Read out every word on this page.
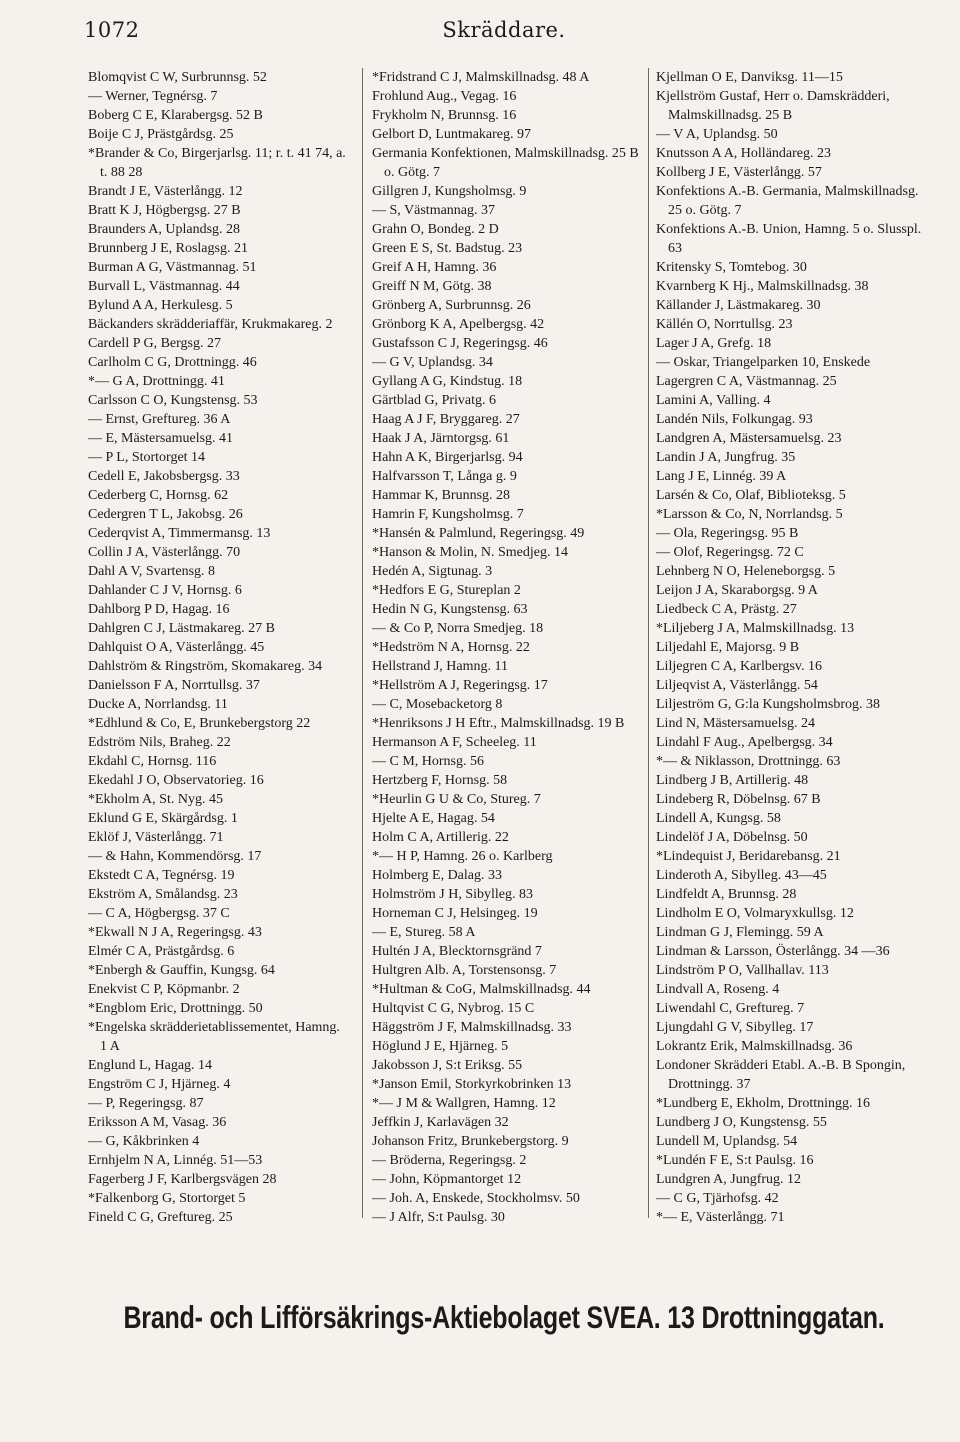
1072	Skräddare.

Blomqvist C W, Surbrunnsg. 52

— Werner, Tegnérsg. 7

Boberg C E, Klarabergsg. 52 B

Boije C J, Prästgårdsg. 25

*Brander & Co, Birgerjarlsg. 11; r. t. 41 74, a. t. 88 28

Brandt J E, Västerlångg. 12

Bratt K J, Högbergsg. 27 B

Braunders A, Uplandsg. 28

Brunnberg J E, Roslagsg. 21

Burman A G, Västmannag. 51

Burvall L, Västmannag. 44

Bylund A A, Herkulesg. 5

Bäckanders skrädderiaffär, Krukmakareg. 2

Cardell P G, Bergsg. 27

Carlholm C G, Drottningg. 46

*— G A, Drottningg. 41

Carlsson C O, Kungstensg. 53

— Ernst, Greftureg. 36 A

— E, Mästersamuelsg. 41

— P L, Stortorget 14

Cedell E, Jakobsbergsg. 33

Cederberg C, Hornsg. 62

Cedergren T L, Jakobsg. 26

Cederqvist A, Timmermansg. 13

Collin J A, Västerlångg. 70

Dahl A V, Svartensg. 8

Dahlander C J V, Hornsg. 6

Dahlborg P D, Hagag. 16

Dahlgren C J, Lästmakareg. 27 B

Dahlquist O A, Västerlångg. 45

Dahlström & Ringström, Skomakareg. 34

Danielsson F A, Norrtullsg. 37

Ducke A, Norrlandsg. 11

*Edhlund & Co, E, Brunkebergstorg 22

Edström Nils, Braheg. 22

Ekdahl C, Hornsg. 116

Ekedahl J O, Observatorieg. 16

*Ekholm A, St. Nyg. 45

Eklund G E, Skärgårdsg. 1

Eklöf J, Västerlångg. 71

— & Hahn, Kommendörsg. 17

Ekstedt C A, Tegnérsg. 19

Ekström A, Smålandsg. 23

— C A, Högbergsg. 37 C

*Ekwall N J A, Regeringsg. 43

Elmér C A, Prästgårdsg. 6

*Enbergh & Gauffin, Kungsg. 64

Enekvist C P, Köpmanbr. 2

*Engblom Eric, Drottningg. 50

*Engelska skrädderietablissementet, Hamng. 1 A

Englund L, Hagag. 14

Engström C J, Hjärneg. 4

— P, Regeringsg. 87

Eriksson A M, Vasag. 36

— G, Kåkbrinken 4

Ernhjelm N A, Linnég. 51—53

Fagerberg J F, Karlbergsvägen 28

*Falkenborg G, Stortorget 5

Fineld C G, Greftureg. 25

*Fridstrand C J, Malmskillnadsg. 48 A

Frohlund Aug., Vegag. 16

Frykholm N, Brunnsg. 16

Gelbort D, Luntmakareg. 97

Germania Konfektionen, Malmskillnadsg. 25 B o. Götg. 7

Gillgren J, Kungsholmsg. 9

— S, Västmannag. 37

Grahn O, Bondeg. 2 D

Green E S, St. Badstug. 23

Greif A H, Hamng. 36

Greiff N M, Götg. 38

Grönberg A, Surbrunnsg. 26

Grönborg K A, Apelbergsg. 42

Gustafsson C J, Regeringsg. 46

— G V, Uplandsg. 34

Gyllang A G, Kindstug. 18

Gärtblad G, Privatg. 6

Haag A J F, Bryggareg. 27

Haak J A, Järntorgsg. 61

Hahn A K, Birgerjarlsg. 94

Halfvarsson T, Långa g. 9

Hammar K, Brunnsg. 28

Hamrin F, Kungsholmsg. 7

*Hansén & Palmlund, Regeringsg. 49

*Hanson & Molin, N. Smedjeg. 14

Hedén A, Sigtunag. 3

*Hedfors E G, Stureplan 2

Hedin N G, Kungstensg. 63

— & Co P, Norra Smedjeg. 18

*Hedström N A, Hornsg. 22

Hellstrand J, Hamng. 11

*Hellström A J, Regeringsg. 17

— C, Mosebacketorg 8

*Henriksons J H Eftr., Malmskillnadsg. 19 B

Hermanson A F, Scheeleg. 11

— C M, Hornsg. 56

Hertzberg F, Hornsg. 58

*Heurlin G U & Co, Stureg. 7

Hjelte A E, Hagag. 54

Holm C A, Artillerig. 22

*— H P, Hamng. 26 o. Karlberg

Holmberg E, Dalag. 33

Holmström J H, Sibylleg. 83

Horneman C J, Helsingeg. 19

— E, Stureg. 58 A

Hultén J A, Blecktornsgränd 7

Hultgren Alb. A, Torstensonsg. 7

*Hultman & CoG, Malmskillnadsg. 44

Hultqvist C G, Nybrog. 15 C

Häggström J F, Malmskillnadsg. 33

Höglund J E, Hjärneg. 5

Jakobsson J, S:t Eriksg. 55

*Janson Emil, Storkyrkobrinken 13

*— J M & Wallgren, Hamng. 12

Jeffkin J, Karlavägen 32

Johanson Fritz, Brunkebergstorg. 9

— Bröderna, Regeringsg. 2

— John, Köpmantorget 12

— Joh. A, Enskede, Stockholmsv. 50

— J Alfr, S:t Paulsg. 30

Kjellman O E, Danviksg. 11—15

Kjellström Gustaf, Herr o. Damskrädderi, Malmskillnadsg. 25 B

— V A, Uplandsg. 50

Knutsson A A, Holländareg. 23

Kollberg J E, Västerlångg. 57

Konfektions A.-B. Germania, Malmskillnadsg. 25 o. Götg. 7

Konfektions A.-B. Union, Hamng. 5 o. Slusspl. 63

Kritensky S, Tomtebog. 30

Kvarnberg K Hj., Malmskillnadsg. 38

Källander J, Lästmakareg. 30

Källén O, Norrtullsg. 23

Lager J A, Grefg. 18

— Oskar, Triangelparken 10, Enskede

Lagergren C A, Västmannag. 25

Lamini A, Valling. 4

Landén Nils, Folkungag. 93

Landgren A, Mästersamuelsg. 23

Landin J A, Jungfrug. 35

Lang J E, Linnég. 39 A

Larsén & Co, Olaf, Biblioteksg. 5

*Larsson & Co, N, Norrlandsg. 5

— Ola, Regeringsg. 95 B

— Olof, Regeringsg. 72 C

Lehnberg N O, Heleneborgsg. 5

Leijon J A, Skaraborgsg. 9 A

Liedbeck C A, Prästg. 27

*Liljeberg J A, Malmskillnadsg. 13

Liljedahl E, Majorsg. 9 B

Liljegren C A, Karlbergsv. 16

Liljeqvist A, Västerlångg. 54

Liljeström G, G:la Kungsholmsbrog. 38

Lind N, Mästersamuelsg. 24

Lindahl F Aug., Apelbergsg. 34

*— & Niklasson, Drottningg. 63

Lindberg J B, Artillerig. 48

Lindeberg R, Döbelnsg. 67 B

Lindell A, Kungsg. 58

Lindelöf J A, Döbelnsg. 50

*Lindequist J, Beridarebansg. 21

Linderoth A, Sibylleg. 43—45

Lindfeldt A, Brunnsg. 28

Lindholm E O, Volmaryxkullsg. 12

Lindman G J, Flemingg. 59 A

Lindman & Larsson, Österlångg. 34 —36

Lindström P O, Vallhallav. 113

Lindvall A, Roseng. 4

Liwendahl C, Greftureg. 7

Ljungdahl G V, Sibylleg. 17

Lokrantz Erik, Malmskillnadsg. 36

Londoner Skrädderi Etabl. A.-B. B Spongin, Drottningg. 37

*Lundberg E, Ekholm, Drottningg. 16

Lundberg J O, Kungstensg. 55

Lundell M, Uplandsg. 54

*Lundén F E, S:t Paulsg. 16

Lundgren A, Jungfrug. 12

— C G, Tjärhofsg. 42

*— E, Västerlångg. 71

Brand- och Lifförsäkrings-Aktiebolaget SVEA. 13 Drottninggatan.
